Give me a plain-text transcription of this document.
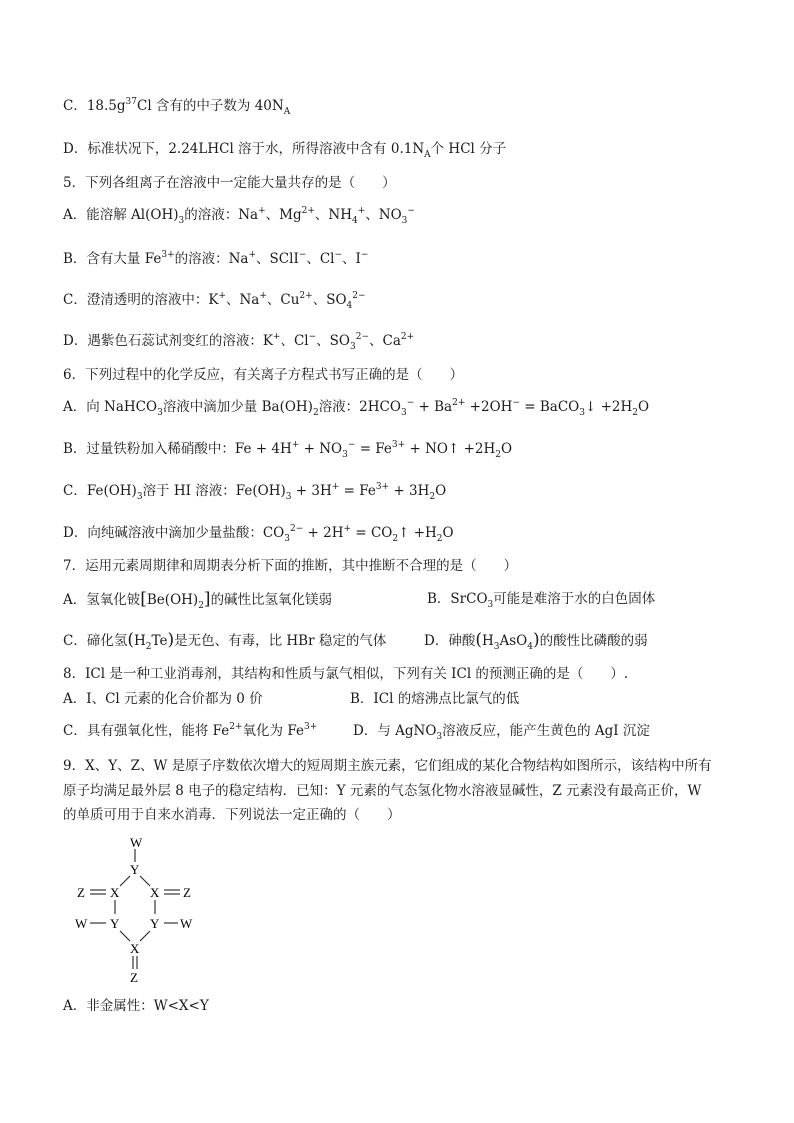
C．$18.5g^{37}Cl$ 含有的中子数为 $40N_A$
D．标准状况下，2.24LHCl 溶于水，所得溶液中含有 $0.1N_A$个 HCl 分子
5．下列各组离子在溶液中一定能大量共存的是（　　）
A．能溶解 $Al(OH)_3$的溶液：Na+、$Mg^{2+}$、$NH_4^+$、$NO_3^-$
B．含有大量 $Fe^{3+}$的溶液：Na+、SClI−、Cl−、I−
C．澄清透明的溶液中：K+、Na+、$Cu^{2+}$、$SO_4^{2-}$
D．遇紫色石蕊试剂变红的溶液：K+、Cl−、$SO_3^{2-}$、$Ca^{2+}$
6．下列过程中的化学反应，有关离子方程式书写正确的是（　　）
A．向 NaHCO$_3$溶液中滴加少量 $Ba(OH)_2$溶液：$2HCO_3^- + Ba^{2+} +2OH^-$ = BaCO$_3$↓ $+2H_2O$
B．过量铁粉加入稀硝酸中：$Fe + 4H^+ + NO_3^- = Fe^{3+}$ + NO↑ $+2H_2O$
C．$Fe(OH)_3$溶于 HI 溶液：$Fe(OH)_3 + 3H^+ = Fe^{3+} + 3H_2O$
D．向纯碱溶液中滴加少量盐酸：$CO_3^{2-} + 2H^+$ = $CO_2↑ +H_2O$
7．运用元素周期律和周期表分析下面的推断，其中推断不合理的是（　　）
A．氢氧化铍$[Be(OH)_2]$的碱性比氢氧化镁弱	B．SrCO$_3$可能是难溶于水的白色固体
C．碲化氢$(H_2Te)$是无色、有毒，比 HBr 稳定的气体	D．砷酸$(H_3AsO_4)$的酸性比磷酸的弱
8．ICl 是一种工业消毒剂，其结构和性质与氯气相似，下列有关 ICl 的预测正确的是（　　）.
A．I、Cl 元素的化合价都为 0 价	B．ICl 的熔沸点比氯气的低
C．具有强氧化性，能将 $Fe^{2+}$氧化为 $Fe^{3+}$	D．与 AgNO$_3$溶液反应，能产生黄色的 AgI 沉淀
9．X、Y、Z、W 是原子序数依次增大的短周期主族元素，它们组成的某化合物结构如图所示，该结构中所有
原子均满足最外层 8 电子的稳定结构．已知：Y 元素的气态氢化物水溶液显碱性，Z 元素没有最高正价，W
的单质可用于自来水消毒．下列说法一定正确的（　　）
W
Y
Z X X Z
W Y Y W
X
Z
A．非金属性：W<X<Y
